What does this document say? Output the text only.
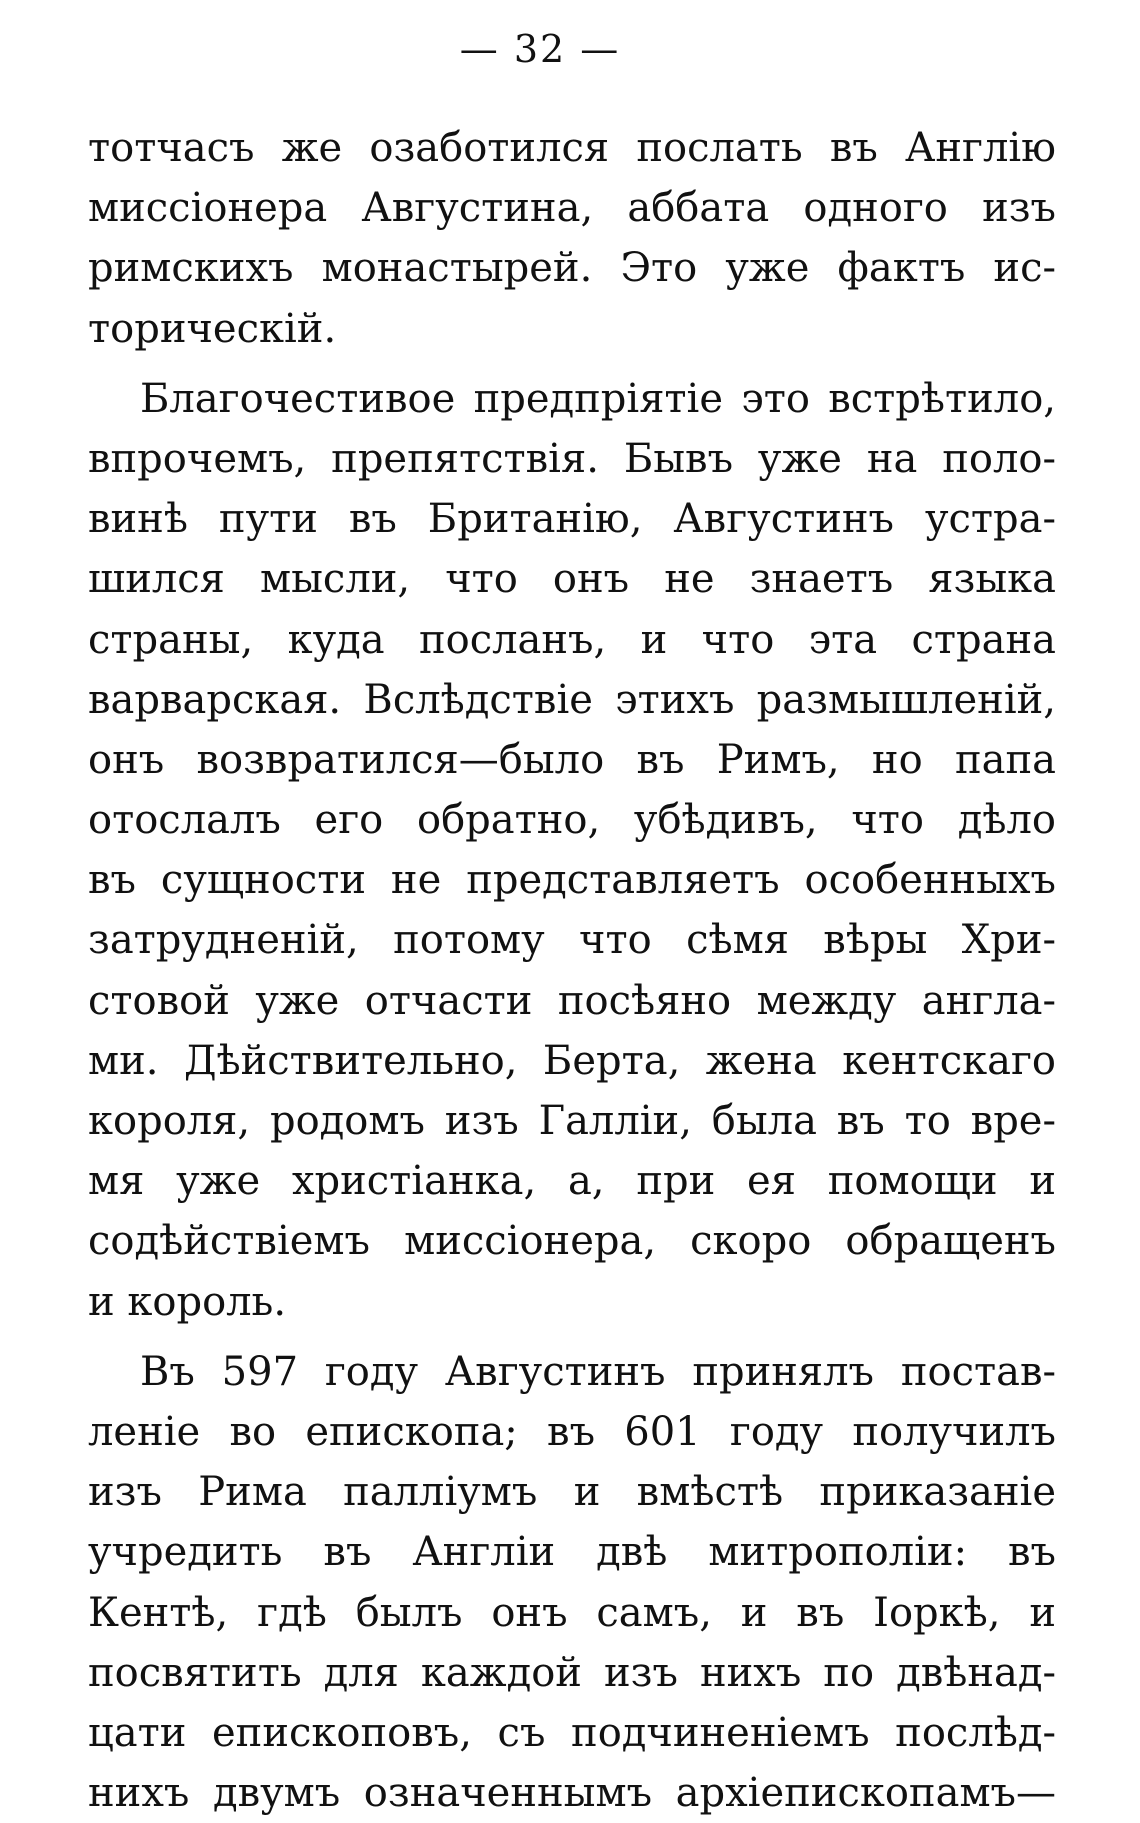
— 32 —
тотчасъ же озаботился послать въ Англію
миссіонера Августина, аббата одного изъ
римскихъ монастырей. Это уже фактъ ис-
торическій.
Благочестивое предпріятіе это встрѣтило,
впрочемъ, препятствія. Бывъ уже на поло-
винѣ пути въ Британію, Августинъ устра-
шился мысли, что онъ не знаетъ языка
страны, куда посланъ, и что эта страна
варварская. Вслѣдствіе этихъ размышленій,
онъ возвратился—было въ Римъ, но папа
отослалъ его обратно, убѣдивъ, что дѣло
въ сущности не представляетъ особенныхъ
затрудненій, потому что сѣмя вѣры Хри-
стовой уже отчасти посѣяно между англа-
ми. Дѣйствительно, Берта, жена кентскаго
короля, родомъ изъ Галліи, была въ то вре-
мя уже христіанка, а, при ея помощи и
содѣйствіемъ миссіонера, скоро обращенъ
и король.
Въ 597 году Августинъ принялъ постав-
леніе во епископа; въ 601 году получилъ
изъ Рима палліумъ и вмѣстѣ приказаніе
учредить въ Англіи двѣ митрополіи: въ
Кентѣ, гдѣ былъ онъ самъ, и въ Іоркѣ, и
посвятить для каждой изъ нихъ по двѣнад-
цати епископовъ, съ подчиненіемъ послѣд-
нихъ двумъ означеннымъ архіепископамъ—
